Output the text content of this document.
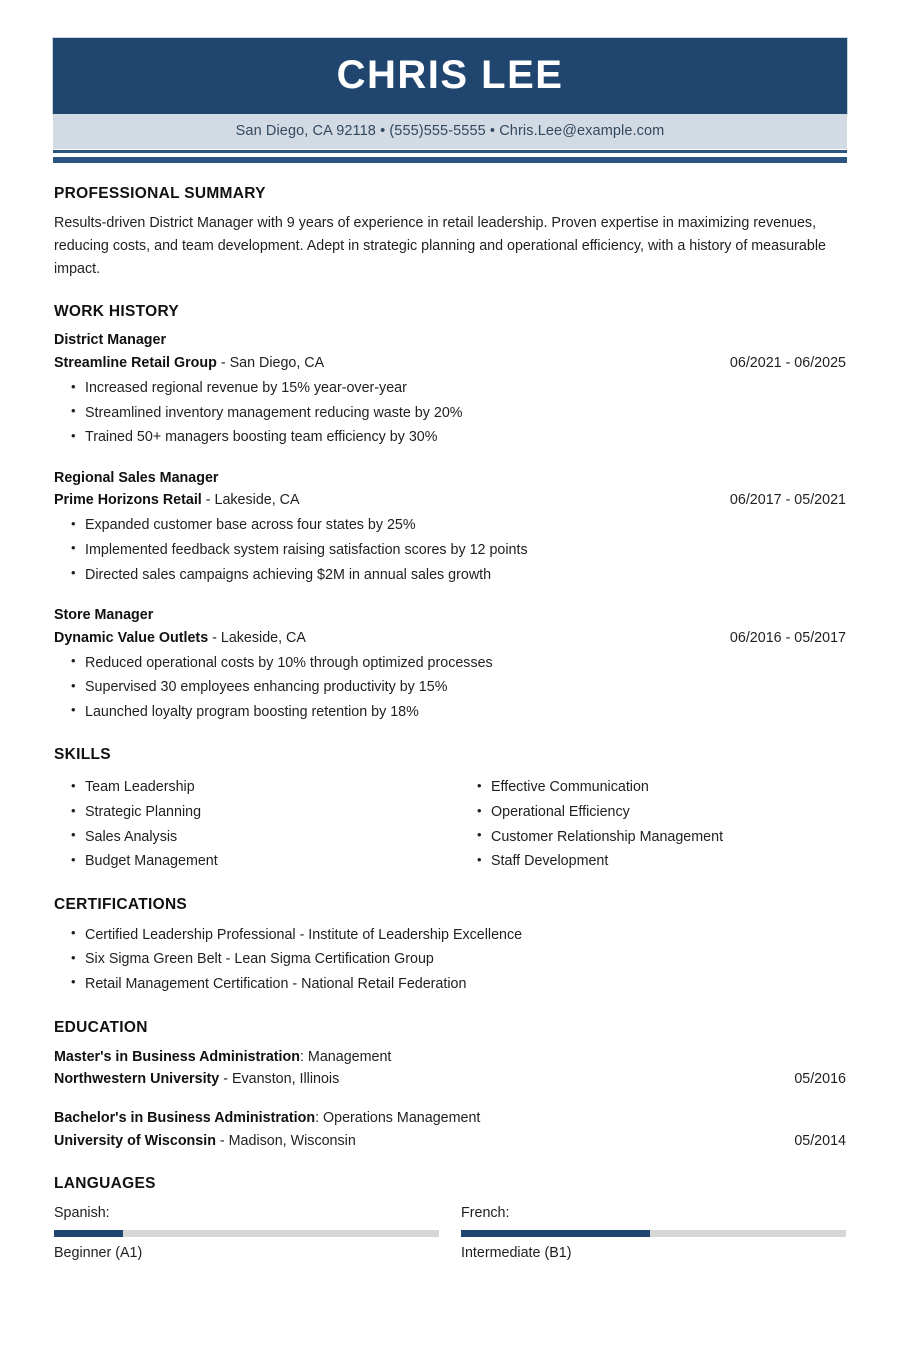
CHRIS LEE
San Diego, CA 92118 • (555)555-5555 • Chris.Lee@example.com
PROFESSIONAL SUMMARY
Results-driven District Manager with 9 years of experience in retail leadership. Proven expertise in maximizing revenues, reducing costs, and team development. Adept in strategic planning and operational efficiency, with a history of measurable impact.
WORK HISTORY
District Manager
Streamline Retail Group - San Diego, CA	06/2021 - 06/2025
• Increased regional revenue by 15% year-over-year
• Streamlined inventory management reducing waste by 20%
• Trained 50+ managers boosting team efficiency by 30%
Regional Sales Manager
Prime Horizons Retail - Lakeside, CA	06/2017 - 05/2021
• Expanded customer base across four states by 25%
• Implemented feedback system raising satisfaction scores by 12 points
• Directed sales campaigns achieving $2M in annual sales growth
Store Manager
Dynamic Value Outlets - Lakeside, CA	06/2016 - 05/2017
• Reduced operational costs by 10% through optimized processes
• Supervised 30 employees enhancing productivity by 15%
• Launched loyalty program boosting retention by 18%
SKILLS
• Team Leadership
• Strategic Planning
• Sales Analysis
• Budget Management
• Effective Communication
• Operational Efficiency
• Customer Relationship Management
• Staff Development
CERTIFICATIONS
• Certified Leadership Professional - Institute of Leadership Excellence
• Six Sigma Green Belt - Lean Sigma Certification Group
• Retail Management Certification - National Retail Federation
EDUCATION
Master's in Business Administration: Management
Northwestern University - Evanston, Illinois	05/2016
Bachelor's in Business Administration: Operations Management
University of Wisconsin - Madison, Wisconsin	05/2014
LANGUAGES
Spanish:
Beginner (A1)
French:
Intermediate (B1)
